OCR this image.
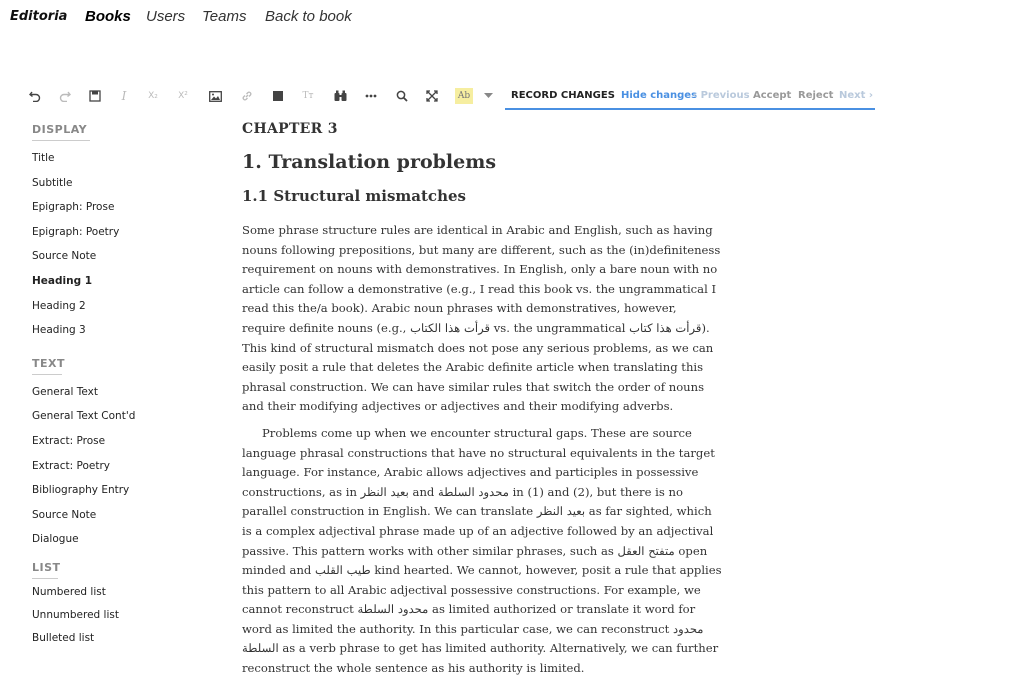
Editoria Books Users Teams Back to book
I	X₂	X²	Tт	Ab	RECORD CHANGES Hide changes
‹ Previous Accept Reject Next ›
DISPLAY
Title
Subtitle
Epigraph: Prose
Epigraph: Poetry
Source Note
Heading 1
Heading 2
Heading 3
TEXT
General Text
General Text Cont'd
Extract: Prose
Extract: Poetry
Bibliography Entry
Source Note
Dialogue
LIST
Numbered list
Unnumbered list
Bulleted list
CHAPTER 3
1. Translation problems
1.1 Structural mismatches

Some phrase structure rules are identical in Arabic and English, such as having nouns following prepositions, but many are different, such as the (in)definiteness requirement on nouns with demonstratives. In English, only a bare noun with no article can follow a demonstrative (e.g., I read this book vs. the ungrammatical I read this the/a book). Arabic noun phrases with demonstratives, however, require definite nouns (e.g., قرأت هذا الكتاب vs. the ungrammatical قرأت هذا كتاب). This kind of structural mismatch does not pose any serious problems, as we can easily posit a rule that deletes the Arabic definite article when translating this phrasal construction. We can have similar rules that switch the order of nouns and their modifying adjectives or adjectives and their modifying adverbs.

Problems come up when we encounter structural gaps. These are source language phrasal constructions that have no structural equivalents in the target language. For instance, Arabic allows adjectives and participles in possessive constructions, as in بعيد النظر and محدود السلطة in (1) and (2), but there is no parallel construction in English. We can translate بعيد النظر as far sighted, which is a complex adjectival phrase made up of an adjective followed by an adjectival passive. This pattern works with other similar phrases, such as متفتح العقل open minded and طيب القلب kind hearted. We cannot, however, posit a rule that applies this pattern to all Arabic adjectival possessive constructions. For example, we cannot reconstruct محدود السلطة as limited authorized or translate it word for word as limited the authority. In this particular case, we can reconstruct محدود السلطة as a verb phrase to get has limited authority. Alternatively, we can further reconstruct the whole sentence as his authority is limited.
